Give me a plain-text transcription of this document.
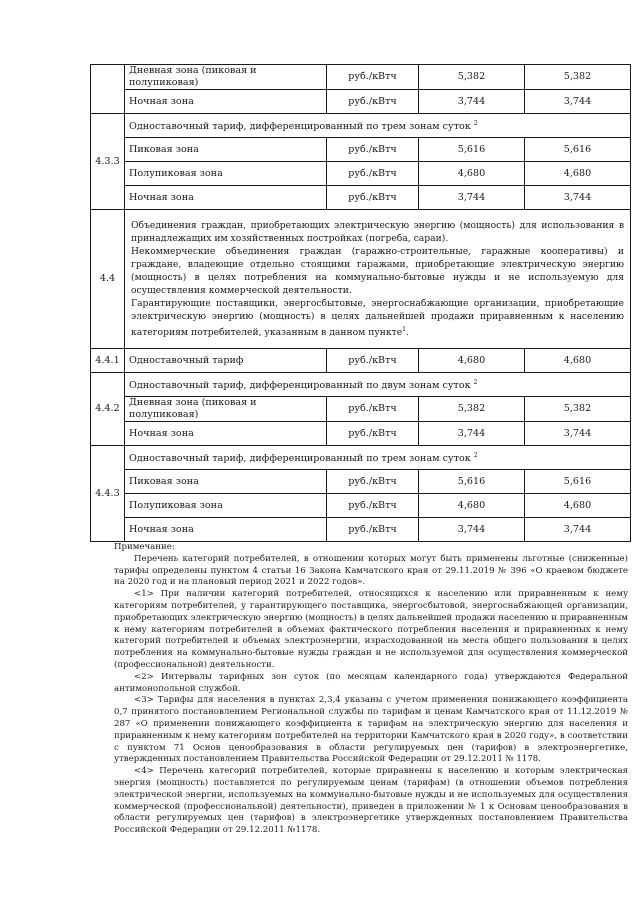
	Дневная зона (пиковая и полупиковая)	руб./кВтч	5,382	5,382
	Ночная зона	руб./кВтч	3,744	3,744
4.3.3	Одноставочный тариф, дифференцированный по трем зонам суток $^2$
	Пиковая зона	руб./кВтч	5,616	5,616
	Полупиковая зона	руб./кВтч	4,680	4,680
	Ночная зона	руб./кВтч	3,744	3,744
4.4	Объединения граждан, приобретающих электрическую энергию (мощность) для использования в принадлежащих им хозяйственных постройках (погреба, сараи).
Некоммерческие объединения граждан (гаражно-строительные, гаражные кооперативы) и граждане, владеющие отдельно стоящими гаражами, приобретающие электрическую энергию (мощность) в целях потребления на коммунально-бытовые нужды и не используемую для осуществления коммерческой деятельности.
Гарантирующие поставщики, энергосбытовые, энергоснабжающие организации, приобретающие электрическую энергию (мощность) в целях дальнейшей продажи приравненным к населению категориям потребителей, указанным в данном пункте$^1$.			

4.4.1	Одноставочный тариф	руб./кВтч	4,680	4,680
4.4.2	Одноставочный тариф, дифференцированный по двум зонам суток $^2$
	Дневная зона (пиковая и полупиковая)	руб./кВтч	5,382	5,382
	Ночная зона	руб./кВтч	3,744	3,744
4.4.3	Одноставочный тариф, дифференцированный по трем зонам суток $^2$
	Пиковая зона	руб./кВтч	5,616	5,616
	Полупиковая зона	руб./кВтч	4,680	4,680
	Ночная зона	руб./кВтч	3,744	3,744

Примечание:

Перечень категорий потребителей, в отношении которых могут быть применены льготные (сниженные) тарифы определены пунктом 4 статьи 16 Закона Камчатского края от 29.11.2019 № 396 «О краевом бюджете на 2020 год и на плановый период 2021 и 2022 годов».

<1> При наличии категорий потребителей, относящихся к населению или приравненным к нему категориям потребителей, у гарантирующего поставщика, энергосбытовой, энергоснабжающей организации, приобретающих электрическую энергию (мощность) в целях дальнейшей продажи населению и приравненным к нему категориям потребителей в объемах фактического потребления населения и приравненных к нему категорий потребителей и объемах электроэнергии, израсходованной на места общего пользования в целях потребления на коммунально-бытовые нужды граждан и не используемой для осуществления коммерческой (профессиональной) деятельности.

<2> Интервалы тарифных зон суток (по месяцам календарного года) утверждаются Федеральной антимонопольной службой.

<3> Тарифы для населения в пунктах 2,3,4 указаны с учетом применения понижающего коэффициента 0,7 принятого постановлением Региональной службы по тарифам и ценам Камчатского края от 11.12.2019 № 287 «О применении понижающего коэффициента к тарифам на электрическую энергию для населения и приравненным к нему категориям потребителей на территории Камчатского края в 2020 году», в соответствии с пунктом 71 Основ ценообразования в области регулируемых цен (тарифов) в электроэнергетике, утвержденных постановлением Правительства Российской Федерации от 29.12.2011 № 1178.

<4> Перечень категорий потребителей, которые приравнены к населению и которым электрическая энергия (мощность) поставляется по регулируемым ценам (тарифам) (в отношении объемов потребления электрической энергии, используемых на коммунально-бытовые нужды и не используемых для осуществления коммерческой (профессиональной) деятельности), приведен в приложении № 1 к Основам ценообразования в области регулируемых цен (тарифов) в электроэнергетике утвержденных постановлением Правительства Российской Федерации от 29.12.2011 №1178.
